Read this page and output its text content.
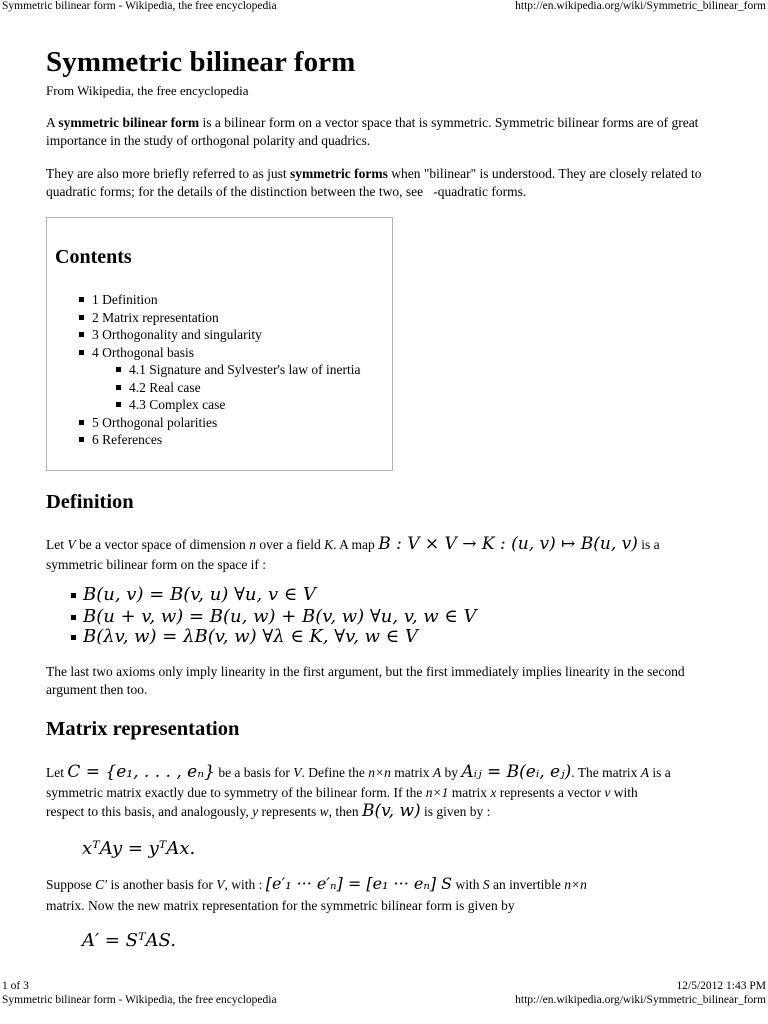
Symmetric bilinear form - Wikipedia, the free encyclopedia	http://en.wikipedia.org/wiki/Symmetric_bilinear_form
Symmetric bilinear form
From Wikipedia, the free encyclopedia

A symmetric bilinear form is a bilinear form on a vector space that is symmetric. Symmetric bilinear forms are of great importance in the study of orthogonal polarity and quadrics.

They are also more briefly referred to as just symmetric forms when "bilinear" is understood. They are closely related to quadratic forms; for the details of the distinction between the two, see   -quadratic forms.

Contents
1 Definition
2 Matrix representation
3 Orthogonality and singularity
4 Orthogonal basis
4.1 Signature and Sylvester's law of inertia
4.2 Real case
4.3 Complex case
5 Orthogonal polarities
6 References
Definition

Let V be a vector space of dimension n over a field K. A map B : V × V → K : (u, v) ↦ B(u, v) is a

symmetric bilinear form on the space if :

B(u, v) = B(v, u) ∀u, v ∈ V
B(u + v, w) = B(u, w) + B(v, w) ∀u, v, w ∈ V
B(λv, w) = λB(v, w) ∀λ ∈ K, ∀v, w ∈ V

The last two axioms only imply linearity in the first argument, but the first immediately implies linearity in the second argument then too.

Matrix representation

Let C = {e₁, . . . , eₙ} be a basis for V. Define the n×n matrix A by Aᵢⱼ = B(eᵢ, eⱼ). The matrix A is a

symmetric matrix exactly due to symmetry of the bilinear form. If the n×1 matrix x represents a vector v with

respect to this basis, and analogously, y represents w, then B(v, w) is given by :

xᵀAy = yᵀAx.

Suppose C′ is another basis for V, with : [e′₁ ··· e′ₙ] = [e₁ ··· eₙ] S with S an invertible n×n

matrix. Now the new matrix representation for the symmetric bilinear form is given by

A′ = SᵀAS.
1 of 3	12/5/2012 1:43 PM
Symmetric bilinear form - Wikipedia, the free encyclopedia	http://en.wikipedia.org/wiki/Symmetric_bilinear_form
